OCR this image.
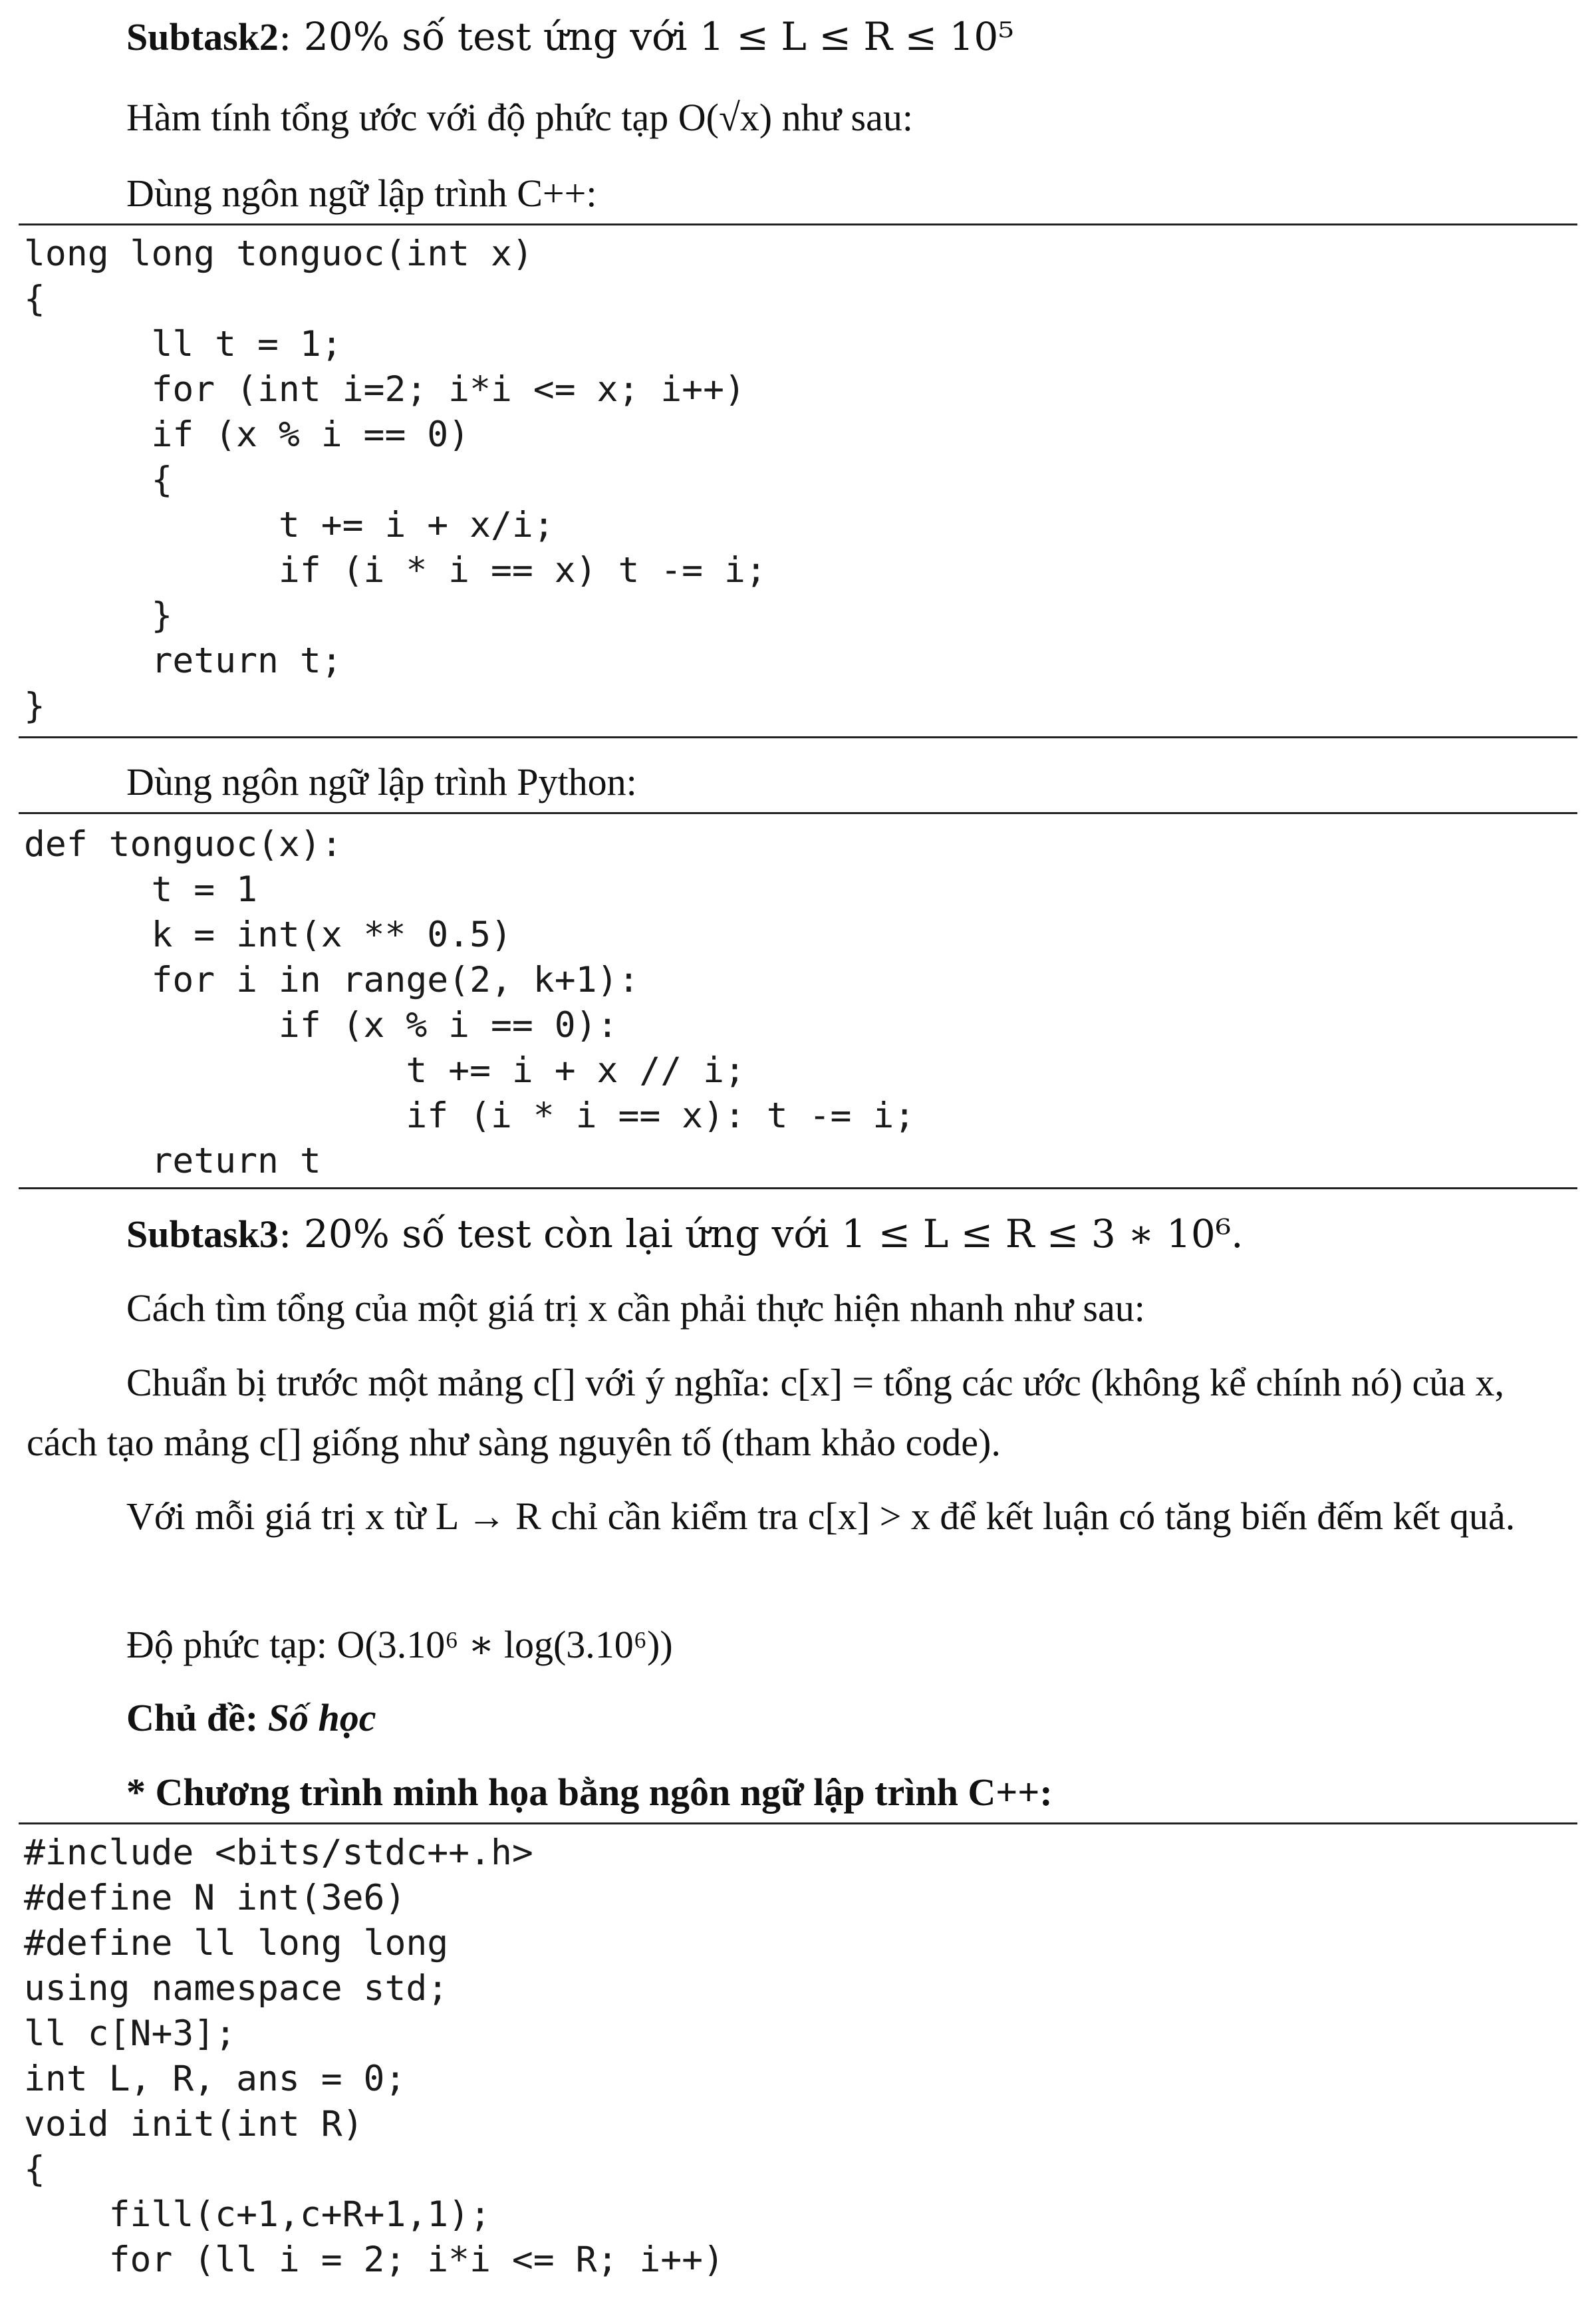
Subtask2: 20% số test ứng với 1 ≤ L ≤ R ≤ 10⁵
Hàm tính tổng ước với độ phức tạp O(√x) như sau:
Dùng ngôn ngữ lập trình C++:
long long tonguoc(int x)
{
ll t = 1;
for (int i=2; i*i <= x; i++)
if (x % i == 0)
{
t += i + x/i;
if (i * i == x) t -= i;
}
return t;
}
Dùng ngôn ngữ lập trình Python:
def tonguoc(x):
t = 1
k = int(x ** 0.5)
for i in range(2, k+1):
if (x % i == 0):
t += i + x // i;
if (i * i == x): t -= i;
return t
Subtask3: 20% số test còn lại ứng với 1 ≤ L ≤ R ≤ 3 ∗ 10⁶.
Cách tìm tổng của một giá trị x cần phải thực hiện nhanh như sau:
Chuẩn bị trước một mảng c[] với ý nghĩa: c[x] = tổng các ước (không kể chính nó) của x, cách tạo mảng c[] giống như sàng nguyên tố (tham khảo code).
Với mỗi giá trị x từ L → R chỉ cần kiểm tra c[x] > x để kết luận có tăng biến đếm kết quả.
Độ phức tạp: O(3.10⁶ ∗ log(3.10⁶))
Chủ đề: Số học
* Chương trình minh họa bằng ngôn ngữ lập trình C++:
#include <bits/stdc++.h>
#define N int(3e6)
#define ll long long
using namespace std;
ll c[N+3];
int L, R, ans = 0;
void init(int R)
{
fill(c+1,c+R+1,1);
for (ll i = 2; i*i <= R; i++)
